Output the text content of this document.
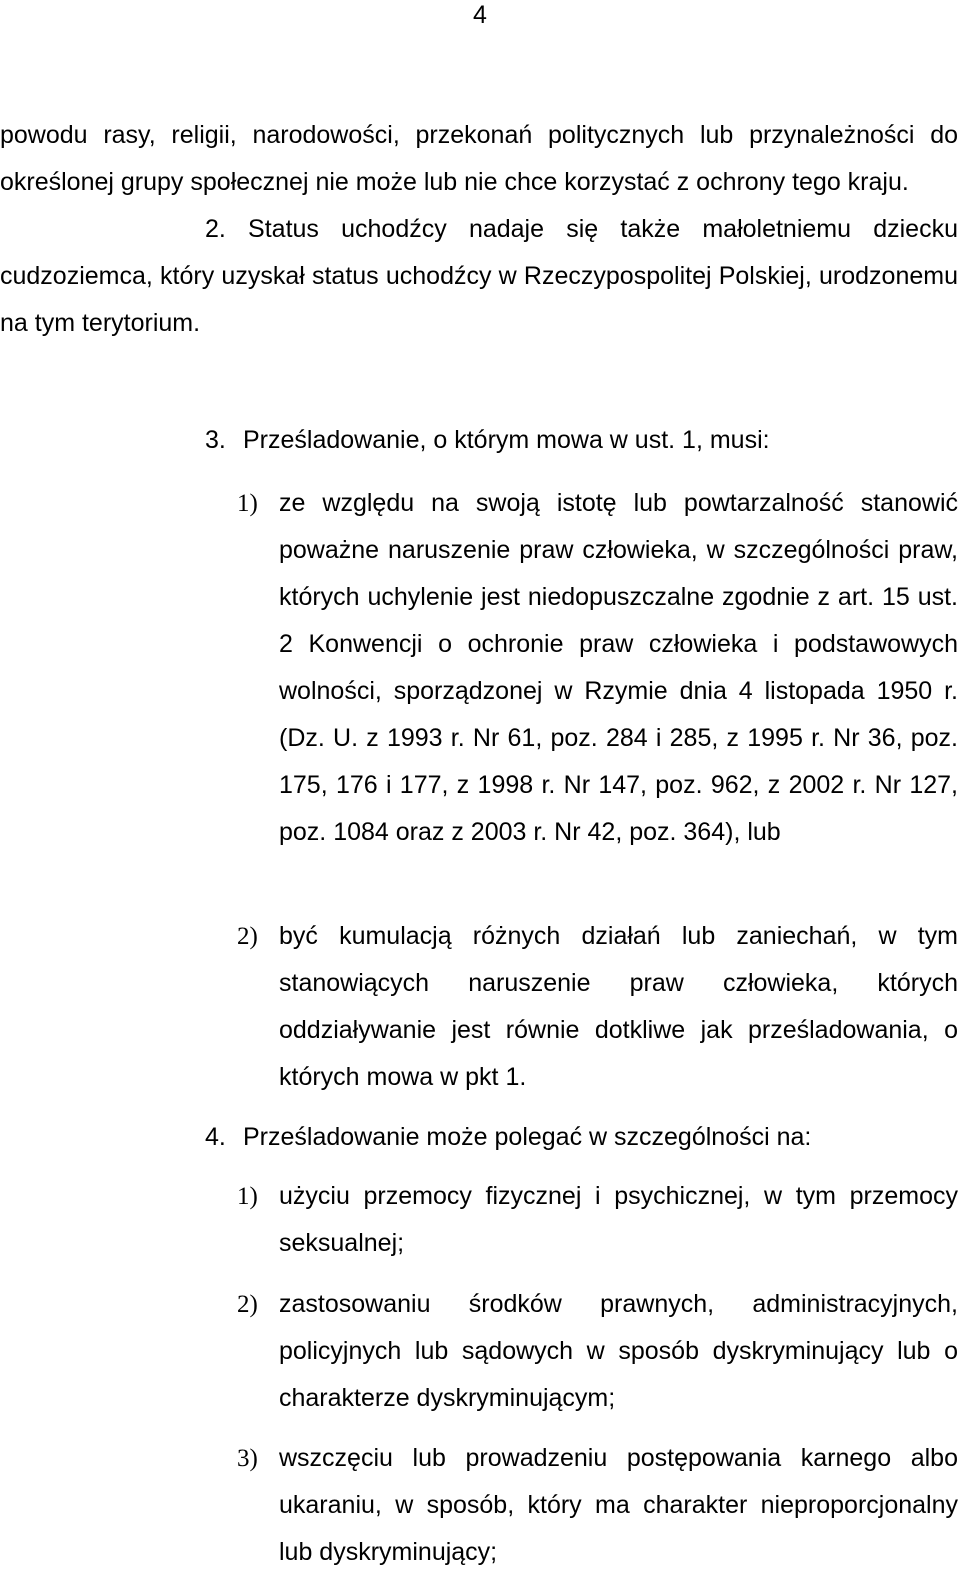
4

powodu rasy, religii, narodowości, przekonań politycznych lub przynależności do określonej grupy społecznej nie może lub nie chce korzystać z ochrony tego kraju.

2. Status uchodźcy nadaje się także małoletniemu dziecku cudzoziemca, który uzyskał status uchodźcy w Rzeczypospolitej Polskiej, urodzonemu na tym terytorium.

3. Prześladowanie, o którym mowa w ust. 1, musi:
1) ze względu na swoją istotę lub powtarzalność stanowić poważne naruszenie praw człowieka, w szczególności praw, których uchylenie jest niedopuszczalne zgodnie z art. 15 ust. 2 Konwencji o ochronie praw człowieka i podstawowych wolności, sporządzonej w Rzymie dnia 4 listopada 1950 r. (Dz. U. z 1993 r. Nr 61, poz. 284 i 285, z 1995 r. Nr 36, poz. 175, 176 i 177, z 1998 r. Nr 147, poz. 962, z 2002 r. Nr 127, poz. 1084 oraz z 2003 r. Nr 42, poz. 364), lub
2) być kumulacją różnych działań lub zaniechań, w tym stanowiących naruszenie praw człowieka, których oddziaływanie jest równie dotkliwe jak prześladowania, o których mowa w pkt 1.
4. Prześladowanie może polegać w szczególności na:
1) użyciu przemocy fizycznej i psychicznej, w tym przemocy seksualnej;
2) zastosowaniu środków prawnych, administracyjnych, policyjnych lub sądowych w sposób dyskryminujący lub o charakterze dyskryminującym;
3) wszczęciu lub prowadzeniu postępowania karnego albo ukaraniu, w sposób, który ma charakter nieproporcjonalny lub dyskryminujący;
